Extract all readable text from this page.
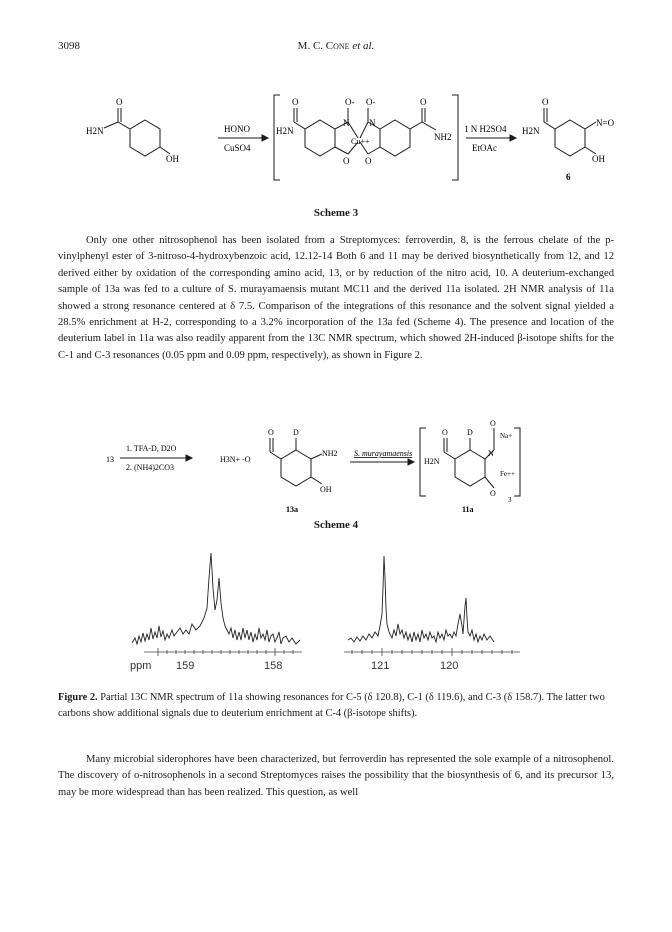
3098	M. C. Cone et al.
H2N
O
OH
HONO
CuSO4
H2N
O	O- O-
N N
Cu++
O O
O
NH2
1 N H2SO4
EtOAc
H2N
O
N=O
OH
6
Scheme 3

Only one other nitrosophenol has been isolated from a Streptomyces: ferroverdin, 8, is the ferrous chelate of the p-vinylphenyl ester of 3-nitroso-4-hydroxybenzoic acid, 12.12-14 Both 6 and 11 may be derived biosynthetically from 12, and 12 derived either by oxidation of the corresponding amino acid, 13, or by reduction of the nitro acid, 10. A deuterium-exchanged sample of 13a was fed to a culture of S. murayamaensis mutant MC11 and the derived 11a isolated. 2H NMR analysis of 11a showed a strong resonance centered at δ 7.5. Comparison of the integrations of this resonance and the solvent signal yielded a 28.5% enrichment at H-2, corresponding to a 3.2% incorporation of the 13a fed (Scheme 4). The presence and location of the deuterium label in 11a was also readily apparent from the 13C NMR spectrum, which showed 2H-induced β-isotope shifts for the C-1 and C-3 resonances (0.05 ppm and 0.09 ppm, respectively), as shown in Figure 2.

13
1. TFA-D, D2O
2. (NH4)2CO3
H3N+ -O
O D
NH2
OH
S. murayamaensis
H2N
O D
O
N
Na+
Fe++
O
3
13a	11a
Scheme 4
ppm 159	158	121	120
Figure 2. Partial 13C NMR spectrum of 11a showing resonances for C-5 (δ 120.8), C-1 (δ 119.6), and C-3 (δ 158.7). The latter two carbons show additional signals due to deuterium enrichment at C-4 (β-isotope shifts).

Many microbial siderophores have been characterized, but ferroverdin has represented the sole example of a nitrosophenol. The discovery of o-nitrosophenols in a second Streptomyces raises the possibility that the biosynthesis of 6, and its precursor 13, may be more widespread than has been realized. This question, as well
